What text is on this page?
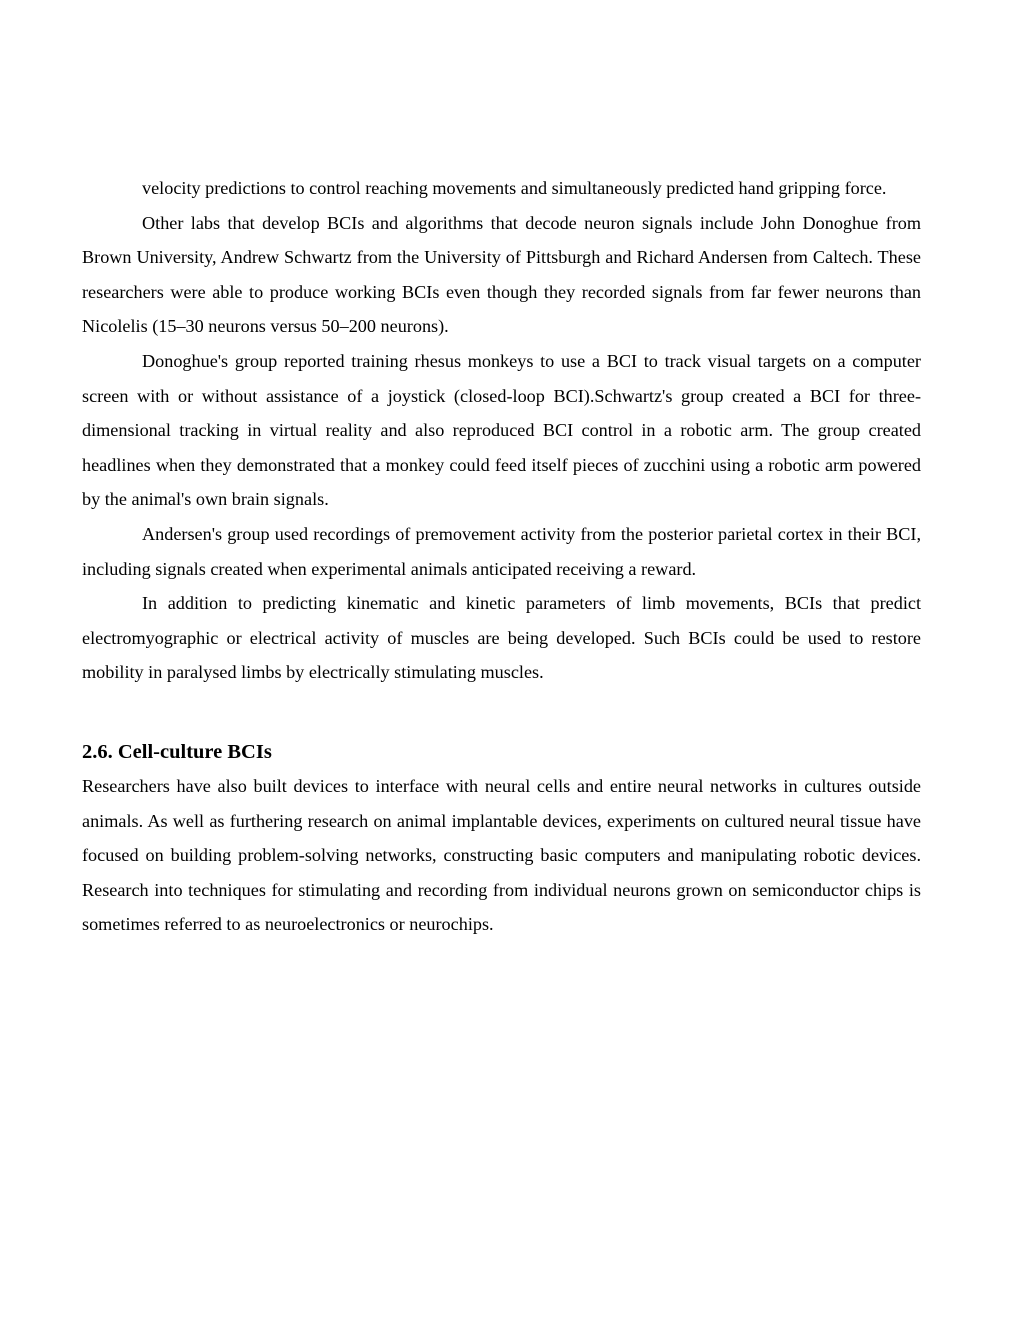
velocity predictions to control reaching movements and simultaneously predicted hand gripping force.

Other labs that develop BCIs and algorithms that decode neuron signals include John Donoghue from Brown University, Andrew Schwartz from the University of Pittsburgh and Richard Andersen from Caltech. These researchers were able to produce working BCIs even though they recorded signals from far fewer neurons than Nicolelis (15–30 neurons versus 50–200 neurons).

Donoghue's group reported training rhesus monkeys to use a BCI to track visual targets on a computer screen with or without assistance of a joystick (closed-loop BCI).Schwartz's group created a BCI for three-dimensional tracking in virtual reality and also reproduced BCI control in a robotic arm. The group created headlines when they demonstrated that a monkey could feed itself pieces of zucchini using a robotic arm powered by the animal's own brain signals.

Andersen's group used recordings of premovement activity from the posterior parietal cortex in their BCI, including signals created when experimental animals anticipated receiving a reward.

In addition to predicting kinematic and kinetic parameters of limb movements, BCIs that predict electromyographic or electrical activity of muscles are being developed. Such BCIs could be used to restore mobility in paralysed limbs by electrically stimulating muscles.

2.6. Cell-culture BCIs

Researchers have also built devices to interface with neural cells and entire neural networks in cultures outside animals. As well as furthering research on animal implantable devices, experiments on cultured neural tissue have focused on building problem-solving networks, constructing basic computers and manipulating robotic devices. Research into techniques for stimulating and recording from individual neurons grown on semiconductor chips is sometimes referred to as neuroelectronics or neurochips.
